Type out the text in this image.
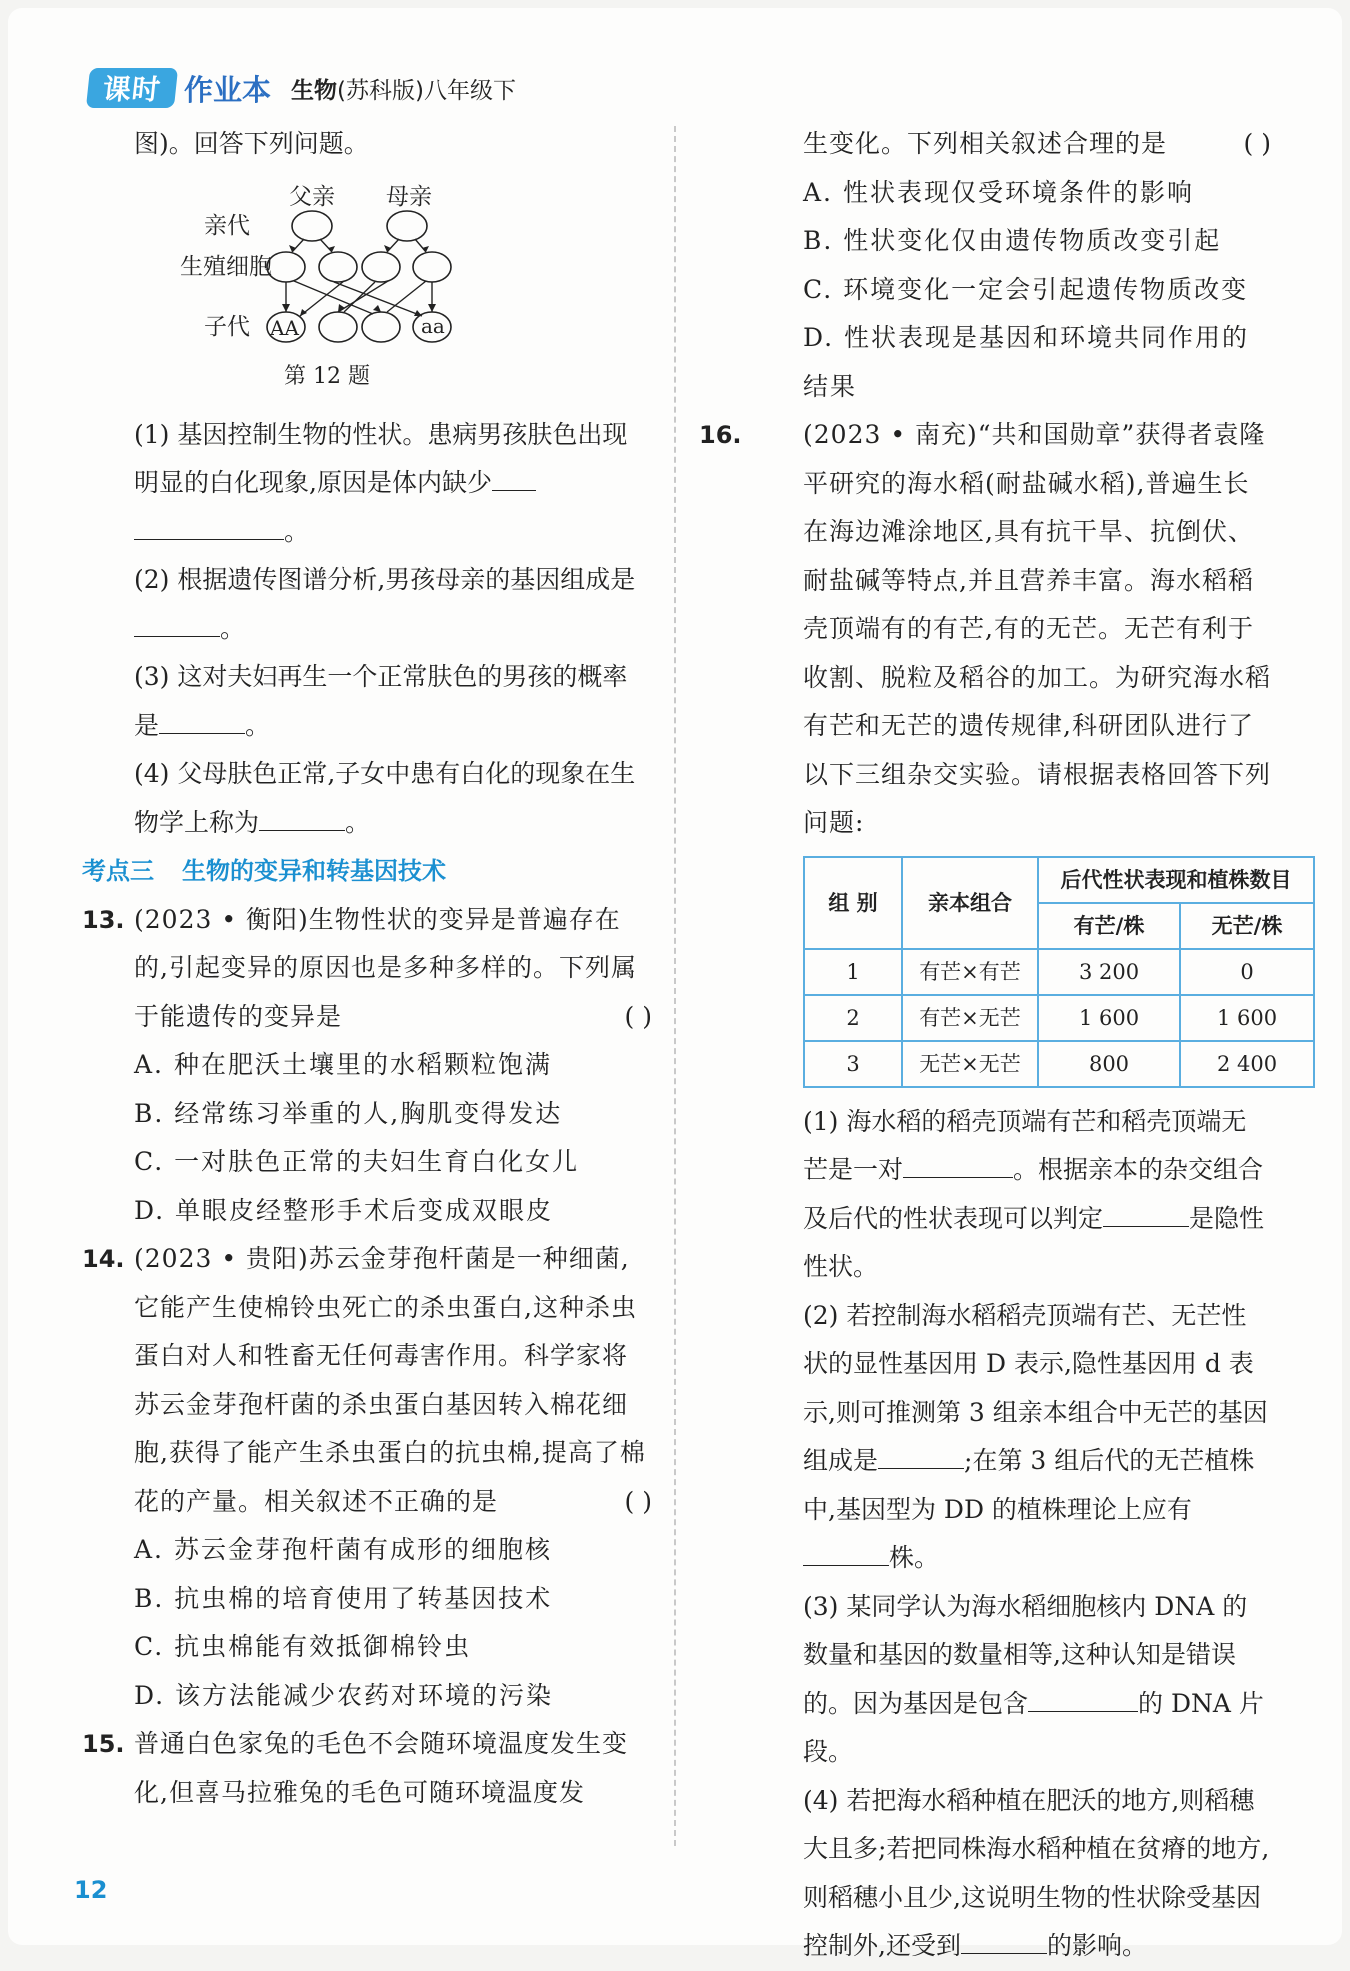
课时 作业本 生物(苏科版)八年级下

图)。回答下列问题。

父亲 母亲
亲代
生殖细胞
子代 AA	aa
第 12 题

(1) 基因控制生物的性状。患病男孩肤色出现明显的白化现象,原因是体内缺少
。

(2) 根据遗传图谱分析,男孩母亲的基因组成是。

(3) 这对夫妇再生一个正常肤色的男孩的概率是	。

(4) 父母肤色正常,子女中患有白化的现象在生物学上称为	。

考点三 生物的变异和转基因技术

13. (2023 • 衡阳)生物性状的变异是普遍存在的,引起变异的原因也是多种多样的。下列属于能遗传的变异是	( )

A. 种在肥沃土壤里的水稻颗粒饱满

B. 经常练习举重的人,胸肌变得发达

C. 一对肤色正常的夫妇生育白化女儿

D. 单眼皮经整形手术后变成双眼皮

14. (2023 • 贵阳)苏云金芽孢杆菌是一种细菌,它能产生使棉铃虫死亡的杀虫蛋白,这种杀虫蛋白对人和牲畜无任何毒害作用。科学家将苏云金芽孢杆菌的杀虫蛋白基因转入棉花细胞,获得了能产生杀虫蛋白的抗虫棉,提高了棉花的产量。相关叙述不正确的是	( )

A. 苏云金芽孢杆菌有成形的细胞核

B. 抗虫棉的培育使用了转基因技术

C. 抗虫棉能有效抵御棉铃虫

D. 该方法能减少农药对环境的污染

15. 普通白色家兔的毛色不会随环境温度发生变化,但喜马拉雅兔的毛色可随环境温度发

生变化。下列相关叙述合理的是	( )

A. 性状表现仅受环境条件的影响

B. 性状变化仅由遗传物质改变引起

C. 环境变化一定会引起遗传物质改变

D. 性状表现是基因和环境共同作用的结果

16. (2023 • 南充)“共和国勋章”获得者袁隆平研究的海水稻(耐盐碱水稻),普遍生长在海边滩涂地区,具有抗干旱、抗倒伏、耐盐碱等特点,并且营养丰富。海水稻稻壳顶端有的有芒,有的无芒。无芒有利于收割、脱粒及稻谷的加工。为研究海水稻有芒和无芒的遗传规律,科研团队进行了以下三组杂交实验。请根据表格回答下列问题:

组 别	亲本组合	后代性状表现和植株数目	
		有芒/株	无芒/株
1	有芒×有芒	3 200	0
2	有芒×无芒	1 600	1 600
3	无芒×无芒	800	2 400

(1) 海水稻的稻壳顶端有芒和稻壳顶端无芒是一对	。根据亲本的杂交组合及后代的性状表现可以判定	是隐性性状。

(2) 若控制海水稻稻壳顶端有芒、无芒性状的显性基因用 D 表示,隐性基因用 d 表示,则可推测第 3 组亲本组合中无芒的基因组成是	;在第 3 组后代的无芒植株中,基因型为 DD 的植株理论上应有株。

(3) 某同学认为海水稻细胞核内 DNA 的数量和基因的数量相等,这种认知是错误的。因为基因是包含	的 DNA 片段。

(4) 若把海水稻种植在肥沃的地方,则稻穗大且多;若把同株海水稻种植在贫瘠的地方,则稻穗小且少,这说明生物的性状除受基因控制外,还受到	的影响。

12
